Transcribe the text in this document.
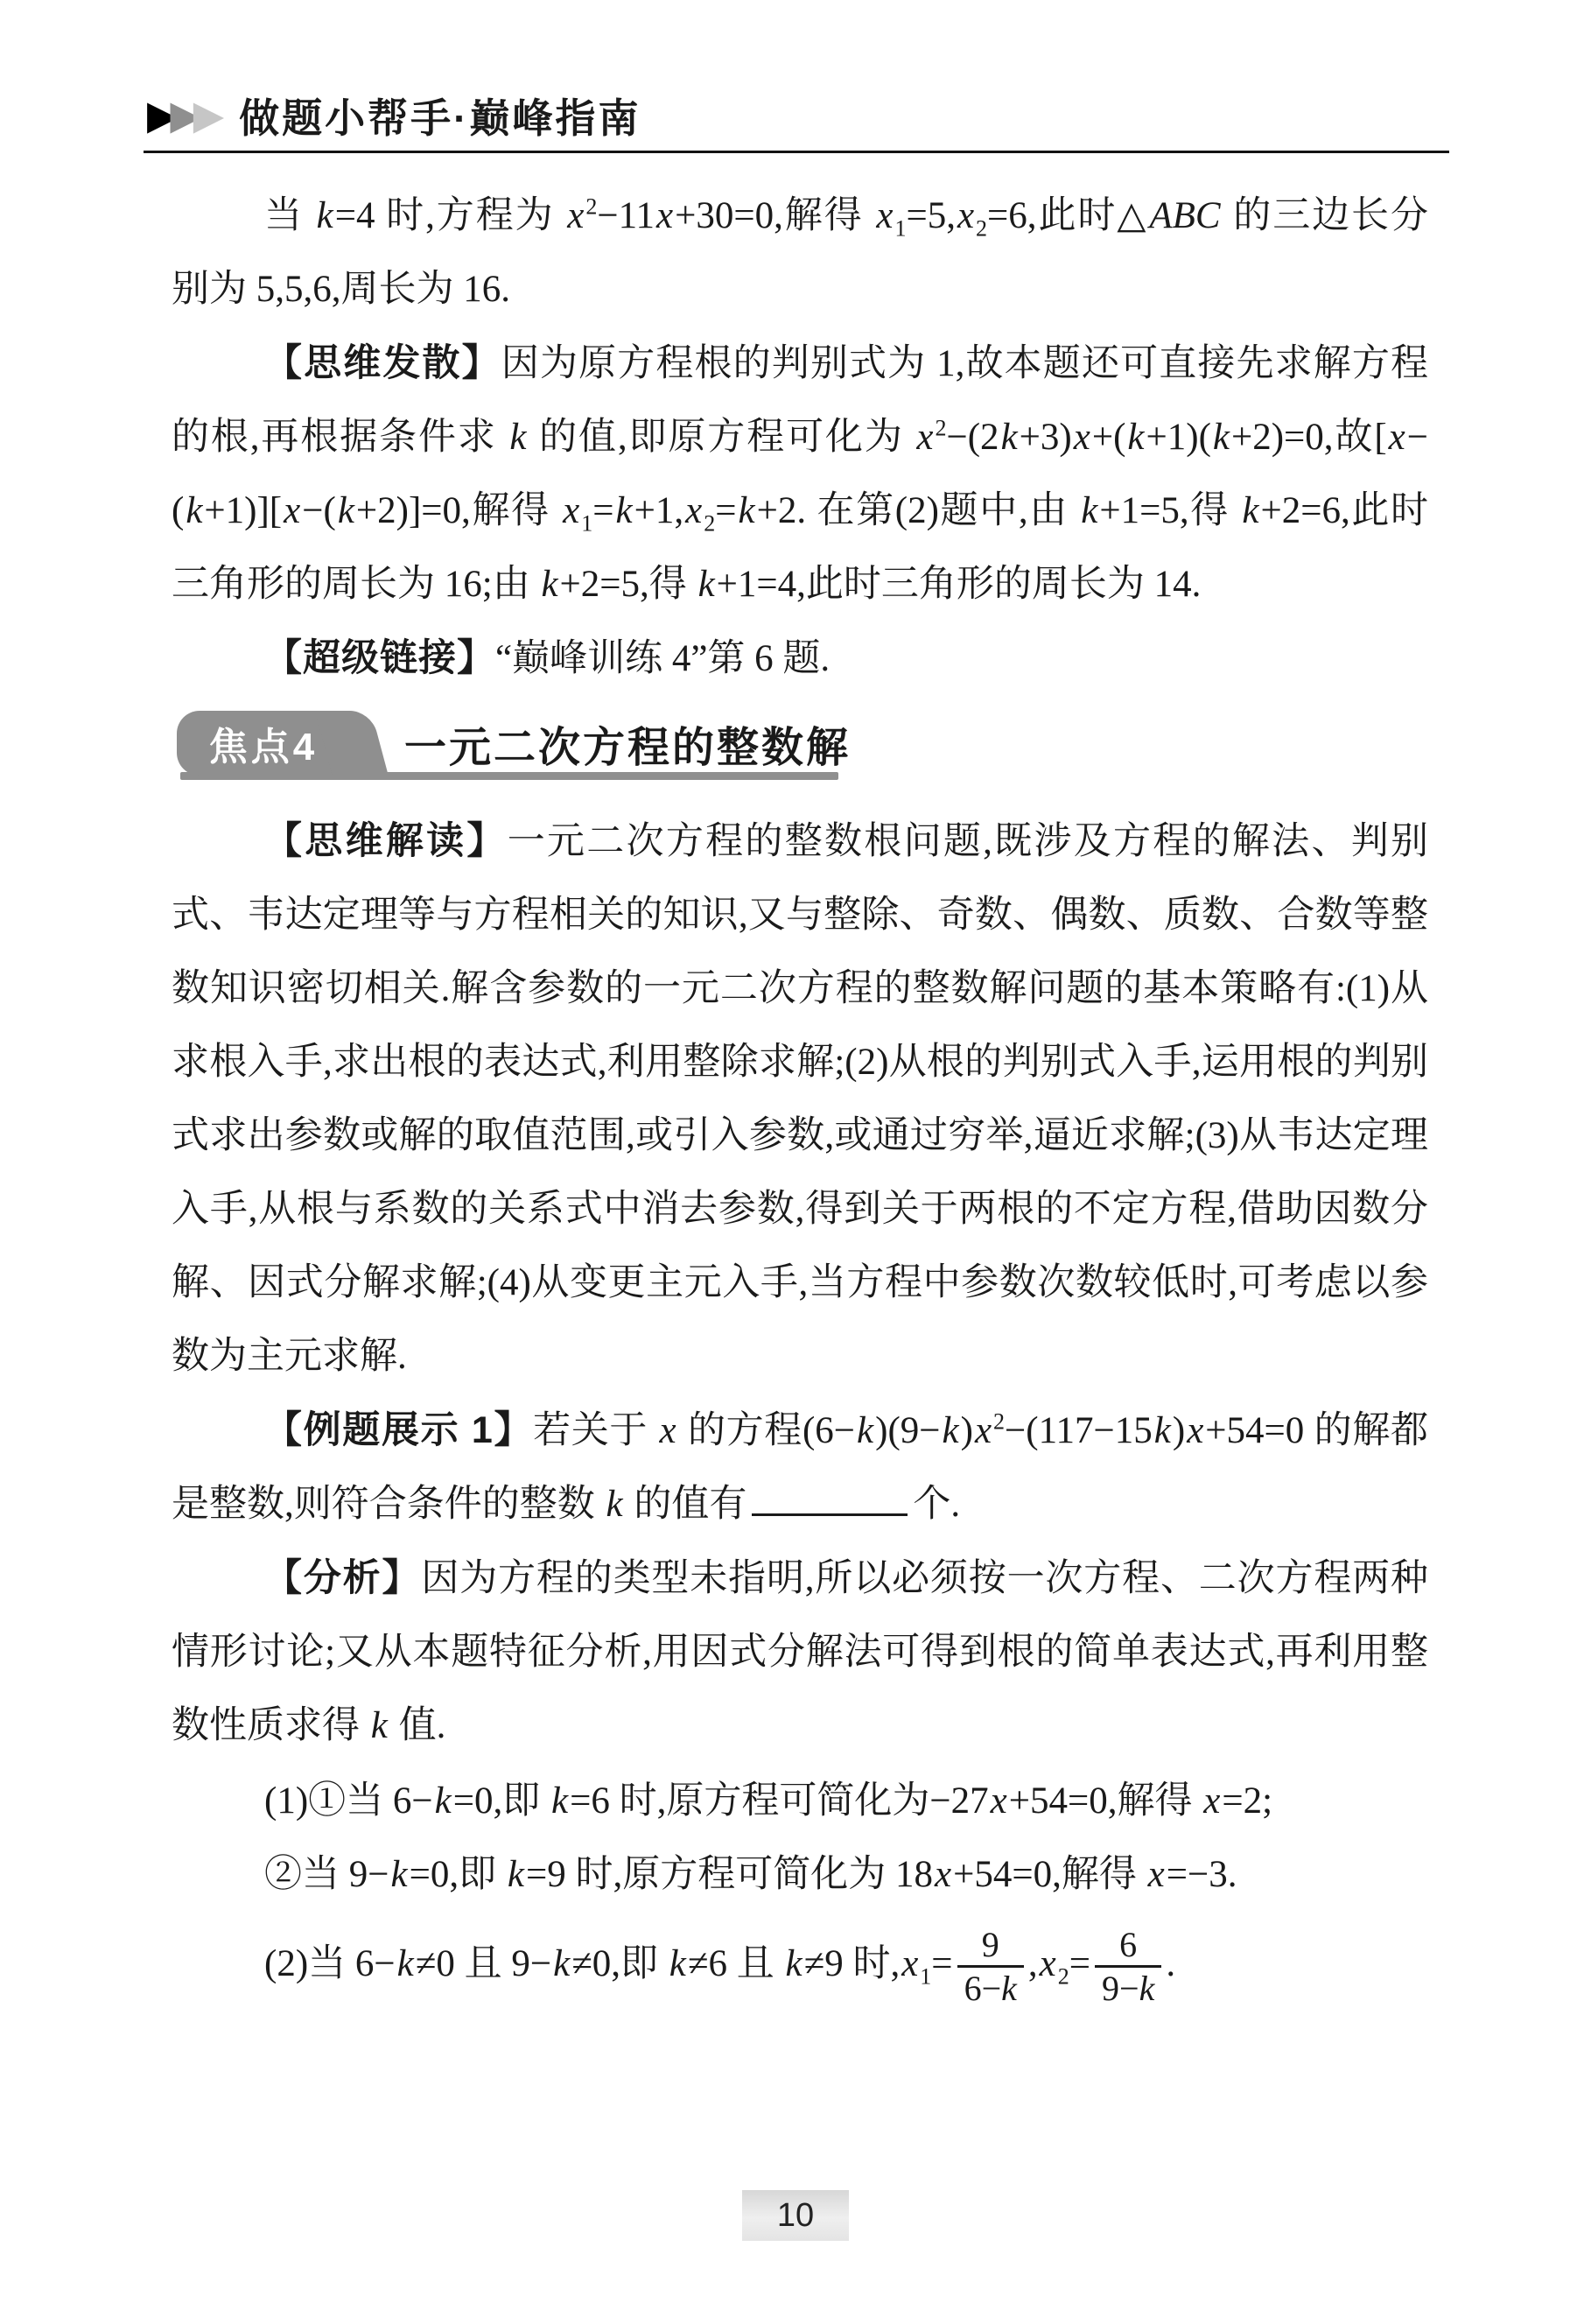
▶ ▶ ▶ 做题小帮手·巅峰指南

当 k=4 时,方程为 $x^2-11x+30=0$,解得 $x_1=5,x_2=6$,此时△ABC 的三边长分别为 5,5,6,周长为 16.

【思维发散】因为原方程根的判别式为 1,故本题还可直接先求解方程的根,再根据条件求 k 的值,即原方程可化为 $x^2-(2k+3)x+(k+1)(k+2)=0$,故[x−(k+1)][x−(k+2)]=0,解得 $x_1=k+1,x_2=k+2$. 在第(2)题中,由 k+1=5,得 k+2=6,此时三角形的周长为 16;由 k+2=5,得 k+1=4,此时三角形的周长为 14.

【超级链接】“巅峰训练 4”第 6 题.

焦点4 一元二次方程的整数解

【思维解读】一元二次方程的整数根问题,既涉及方程的解法、判别式、韦达定理等与方程相关的知识,又与整除、奇数、偶数、质数、合数等整数知识密切相关.解含参数的一元二次方程的整数解问题的基本策略有:(1)从求根入手,求出根的表达式,利用整除求解;(2)从根的判别式入手,运用根的判别式求出参数或解的取值范围,或引入参数,或通过穷举,逼近求解;(3)从韦达定理入手,从根与系数的关系式中消去参数,得到关于两根的不定方程,借助因数分解、因式分解求解;(4)从变更主元入手,当方程中参数次数较低时,可考虑以参数为主元求解.

【例题展示 1】若关于 x 的方程$(6-k)(9-k)x^2-(117-15k)x+54=0$ 的解都是整数,则符合条件的整数 k 的值有	个.

【分析】因为方程的类型未指明,所以必须按一次方程、二次方程两种情形讨论;又从本题特征分析,用因式分解法可得到根的简单表达式,再利用整数性质求得 k 值.

(1)①当 6−k=0,即 k=6 时,原方程可简化为−27x+54=0,解得 x=2;

②当 9−k=0,即 k=9 时,原方程可简化为 18x+54=0,解得 x=−3.

(2)当 6−k≠0 且 9−k≠0,即 k≠6 且 k≠9 时$,x_1= \frac{9}{6-k} ,x_2= \frac{6}{9-k}$ .

10
